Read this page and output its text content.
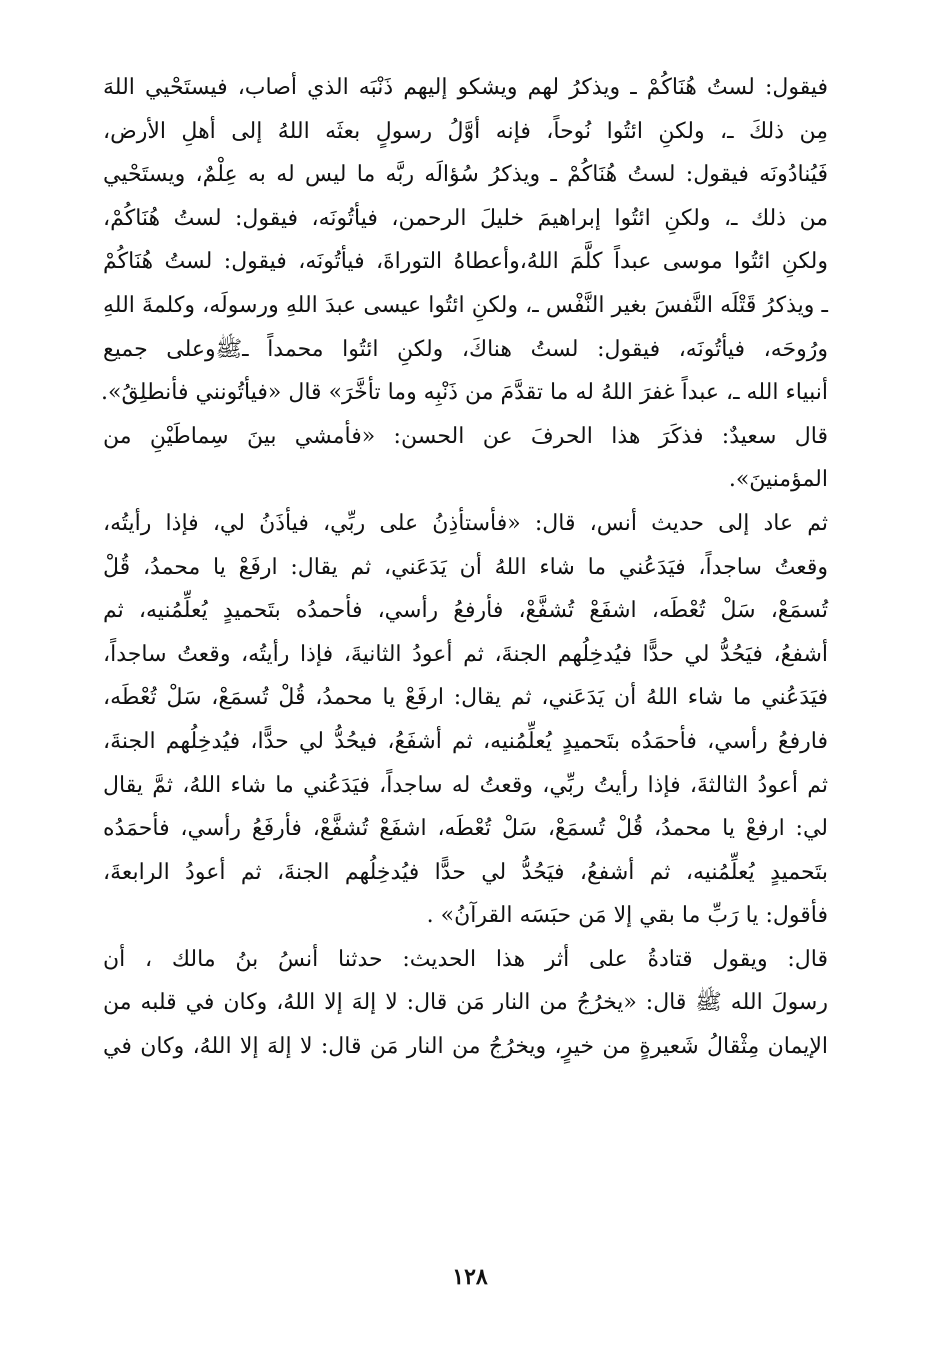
فيقول: لستُ هُنَاكُمْ ـ ويذكرُ لهم ويشكو إليهم ذَنْبَه الذي أصاب، فيستَحْيي اللهَ
مِن ذلكَ ـ، ولكنِ ائتُوا نُوحاً، فإنه أوَّلُ رسولٍ بعثَه اللهُ إلى أهلِ الأرض،
فَيُنادُونَه فيقول: لستُ هُنَاكُمْ ـ ويذكرُ سُؤالَه ربَّه ما ليس له به عِلْمٌ، ويستَحْيي
من ذلك ـ، ولكنِ ائتُوا إبراهيمَ خليلَ الرحمن، فيأتُونَه، فيقول: لستُ هُنَاكُمْ،
ولكنِ ائتُوا موسى عبداً كلَّمَ اللهُ،وأعطاهُ التوراةَ، فيأتُونَه، فيقول: لستُ هُنَاكُمْ
ـ ويذكرُ قَتْلَه النَّفسَ بغير النَّفْس ـ، ولكنِ ائتُوا عيسى عبدَ اللهِ ورسولَه، وكلمةَ اللهِ
ورُوحَه، فيأتُونَه، فيقول: لستُ هناكَ، ولكنِ ائتُوا محمداً ـﷺوعلى جميع
أنبياء الله ـ، عبداً غفرَ اللهُ له ما تقدَّمَ من ذَنْبِه وما تأخَّرَ» قال «فيأتُونني فأنطلِقُ».
قال سعيدٌ: فذكَرَ هذا الحرفَ عن الحسن: «فأمشي بينَ سِماطَيْنِ من
المؤمنينَ».
ثم عاد إلى حديث أنس، قال: «فأستأذِنُ على ربِّي، فيأذَنُ لي، فإذا رأيتُه،
وقعتُ ساجداً، فيَدَعُني ما شاء اللهُ أن يَدَعَني، ثم يقال: ارفَعْ يا محمدُ، قُلْ
تُسمَعْ، سَلْ تُعْطَه، اشفَعْ تُشفَّعْ، فأرفعُ رأسي، فأحمدُه بتَحميدٍ يُعلِّمُنيه، ثم
أشفعُ، فيَحُدُّ لي حدًّا فيُدخِلُهم الجنةَ، ثم أعودُ الثانيةَ، فإذا رأيتُه، وقعتُ ساجداً،
فيَدَعُني ما شاء اللهُ أن يَدَعَني، ثم يقال: ارفَعْ يا محمدُ، قُلْ تُسمَعْ، سَلْ تُعْطَه،
فارفعُ رأسي، فأحمَدُه بتَحميدٍ يُعلِّمُنيه، ثم أشفَعُ، فيحُدُّ لي حدًّا، فيُدخِلُهم الجنةَ،
ثم أعودُ الثالثةَ، فإذا رأيتُ ربِّي، وقعتُ له ساجداً، فيَدَعُني ما شاء اللهُ، ثمَّ يقال
لي: ارفعْ يا محمدُ، قُلْ تُسمَعْ، سَلْ تُعْطَه، اشفَعْ تُشفَّعْ، فأرفَعُ رأسي، فأحمَدُه
بتَحميدٍ يُعلِّمُنيه، ثم أشفعُ، فيَحُدُّ لي حدًّا فيُدخِلُهم الجنةَ، ثم أعودُ الرابعةَ،
فأقول: يا رَبِّ ما بقي إلا مَن حبَسَه القرآنُ» .
قال: ويقول قتادةُ على أثر هذا الحديث: حدثنا أنسُ بنُ مالك ، أن
رسولَ الله ﷺ قال: «يخرُجُ من النار مَن قال: لا إلهَ إلا اللهُ، وكان في قلبه من
الإيمان مِثْقالُ شَعيرةٍ من خيرٍ، ويخرُجُ من النار مَن قال: لا إلهَ إلا اللهُ، وكان في
١٢٨
